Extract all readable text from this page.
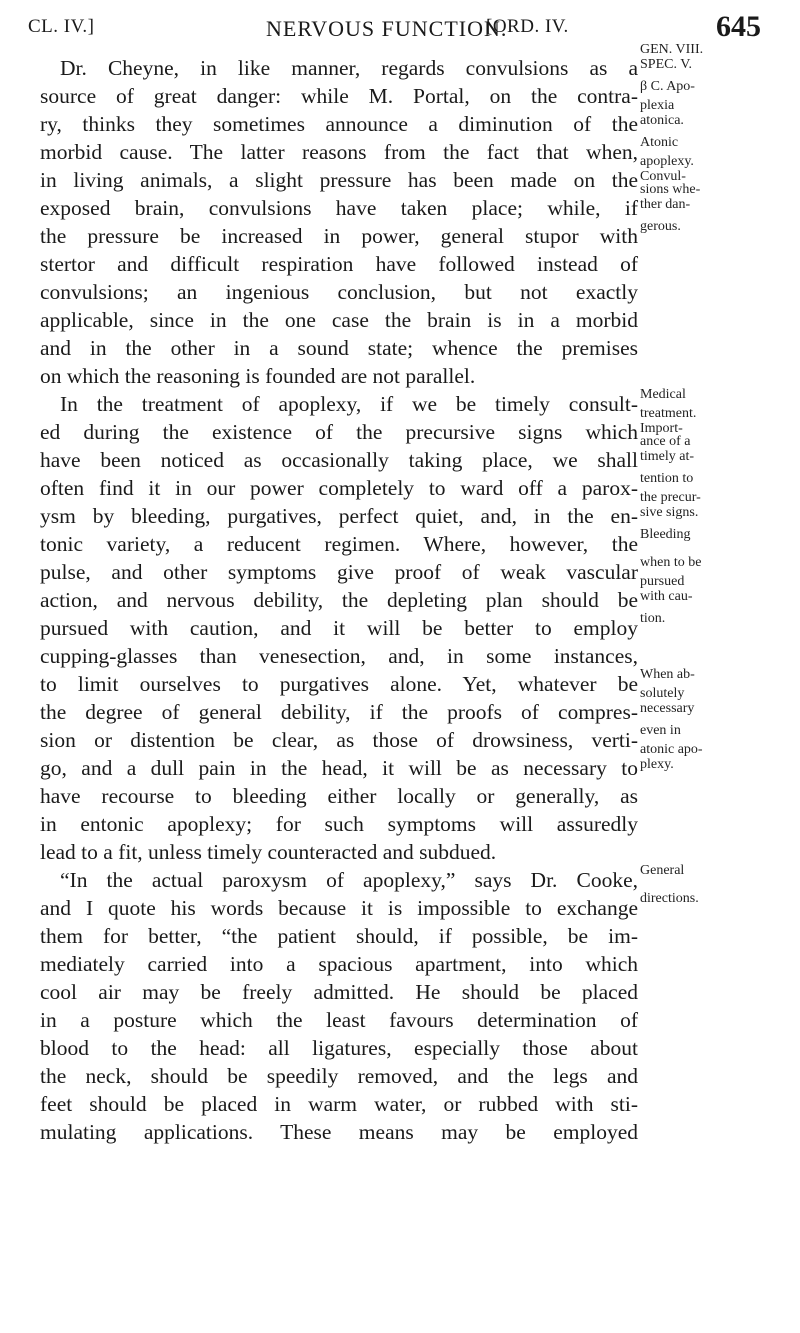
CL. IV.]	NERVOUS FUNCTION.
[ORD. IV.	645
Dr. Cheyne, in like manner, regards convulsions as a
GEN. VIII.
SPEC. V.
source of great danger: while M. Portal, on the contra- β C. Apo-
ry, thinks they sometimes announce a diminution of the
plexia
atonica.
morbid cause. The latter reasons from the fact that when, Atonic
in living animals, a slight pressure has been made on the
apoplexy.
Convul-
exposed brain, convulsions have taken place; while, if
sions whe-
ther dan-
the pressure be increased in power, general stupor with gerous.
stertor and difficult respiration have followed instead of
convulsions; an ingenious conclusion, but not exactly
applicable, since in the one case the brain is in a morbid
and in the other in a sound state; whence the premises
on which the reasoning is founded are not parallel.
In the treatment of apoplexy, if we be timely consult- Medical
ed during the existence of the precursive signs which
treatment.
Import-
have been noticed as occasionally taking place, we shall
ance of a
timely at-
often find it in our power completely to ward off a parox- tention to
ysm by bleeding, purgatives, perfect quiet, and, in the en-
the precur-
sive signs.
tonic variety, a reducent regimen. Where, however, the Bleeding
pulse, and other symptoms give proof of weak vascular when to be
action, and nervous debility, the depleting plan should be
pursued
with cau-
pursued with caution, and it will be better to employ tion.
cupping-glasses than venesection, and, in some instances,
to limit ourselves to purgatives alone. Yet, whatever be When ab-
the degree of general debility, if the proofs of compres-
solutely
necessary
sion or distention be clear, as those of drowsiness, verti- even in
go, and a dull pain in the head, it will be as necessary to
atonic apo-
plexy.
have recourse to bleeding either locally or generally, as
in entonic apoplexy; for such symptoms will assuredly
lead to a fit, unless timely counteracted and subdued.
“In the actual paroxysm of apoplexy,” says Dr. Cooke, General
and I quote his words because it is impossible to exchange directions.
them for better, “the patient should, if possible, be im-
mediately carried into a spacious apartment, into which
cool air may be freely admitted. He should be placed
in a posture which the least favours determination of
blood to the head: all ligatures, especially those about
the neck, should be speedily removed, and the legs and
feet should be placed in warm water, or rubbed with sti-
mulating applications. These means may be employed
